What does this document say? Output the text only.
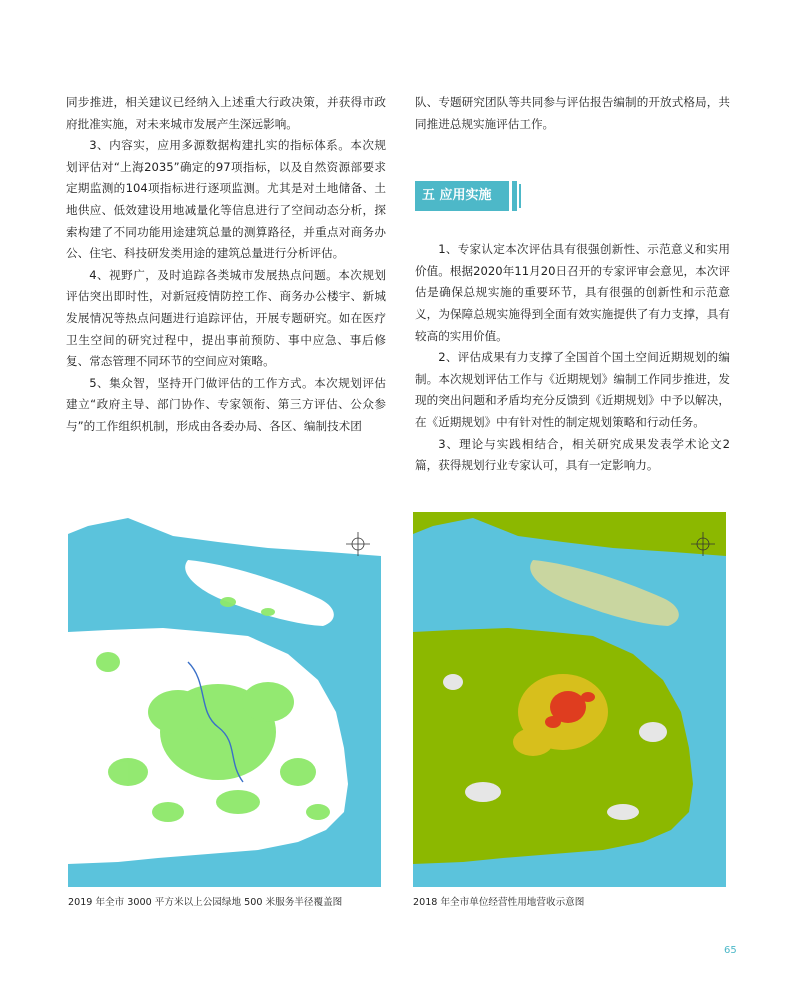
同步推进，相关建议已经纳入上述重大行政决策，并获得市政府批准实施，对未来城市发展产生深远影响。

3、内容实，应用多源数据构建扎实的指标体系。本次规划评估对“上海2035”确定的97项指标，以及自然资源部要求定期监测的104项指标进行逐项监测。尤其是对土地储备、土地供应、低效建设用地减量化等信息进行了空间动态分析，探索构建了不同功能用途建筑总量的测算路径，并重点对商务办公、住宅、科技研发类用途的建筑总量进行分析评估。

4、视野广，及时追踪各类城市发展热点问题。本次规划评估突出即时性，对新冠疫情防控工作、商务办公楼宇、新城发展情况等热点问题进行追踪评估，开展专题研究。如在医疗卫生空间的研究过程中，提出事前预防、事中应急、事后修复、常态管理不同环节的空间应对策略。

5、集众智，坚持开门做评估的工作方式。本次规划评估建立“政府主导、部门协作、专家领衔、第三方评估、公众参与”的工作组织机制，形成由各委办局、各区、编制技术团

队、专题研究团队等共同参与评估报告编制的开放式格局，共同推进总规实施评估工作。

五 应用实施

1、专家认定本次评估具有很强创新性、示范意义和实用价值。根据2020年11月20日召开的专家评审会意见，本次评估是确保总规实施的重要环节，具有很强的创新性和示范意义，为保障总规实施得到全面有效实施提供了有力支撑，具有较高的实用价值。

2、评估成果有力支撑了全国首个国土空间近期规划的编制。本次规划评估工作与《近期规划》编制工作同步推进，发现的突出问题和矛盾均充分反馈到《近期规划》中予以解决，在《近期规划》中有针对性的制定规划策略和行动任务。

3、理论与实践相结合，相关研究成果发表学术论文2篇，获得规划行业专家认可，具有一定影响力。

2019 年全市 3000 平方米以上公园绿地 500 米服务半径覆盖图	2018 年全市单位经营性用地营收示意图
65
